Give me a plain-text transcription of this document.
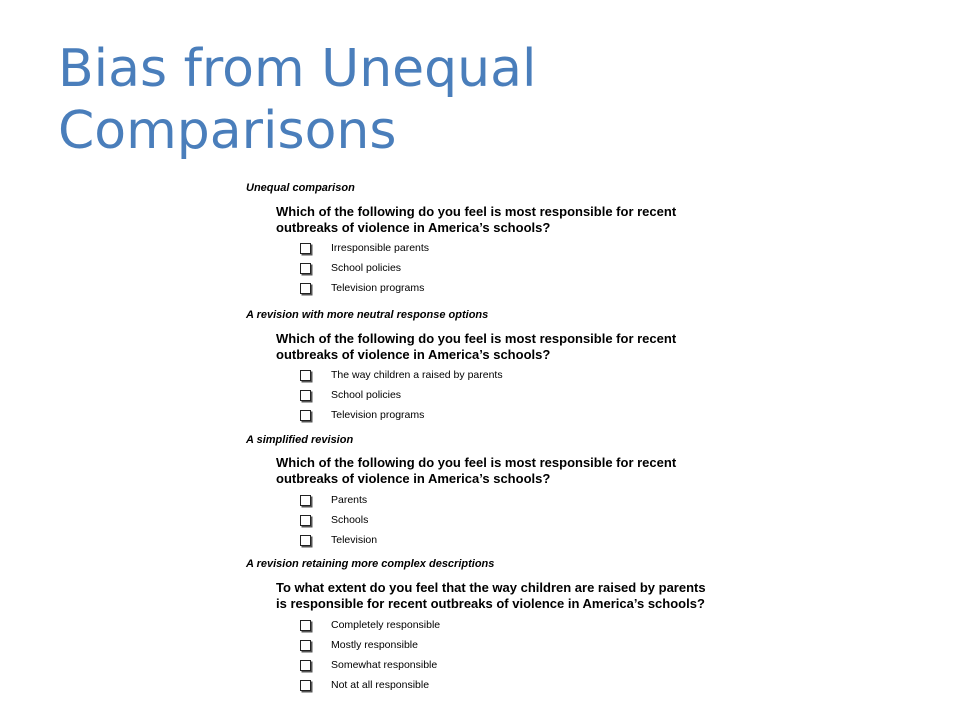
Bias from Unequal
Comparisons
Unequal comparison

Which of the following do you feel is most responsible for recent
outbreaks of violence in America’s schools?

Irresponsible parents
School policies
Television programs
A revision with more neutral response options

Which of the following do you feel is most responsible for recent
outbreaks of violence in America’s schools?

The way children a raised by parents
School policies
Television programs
A simplified revision

Which of the following do you feel is most responsible for recent
outbreaks of violence in America’s schools?

Parents
Schools
Television
A revision retaining more complex descriptions

To what extent do you feel that the way children are raised by parents
is responsible for recent outbreaks of violence in America’s schools?

Completely responsible
Mostly responsible
Somewhat responsible
Not at all responsible
